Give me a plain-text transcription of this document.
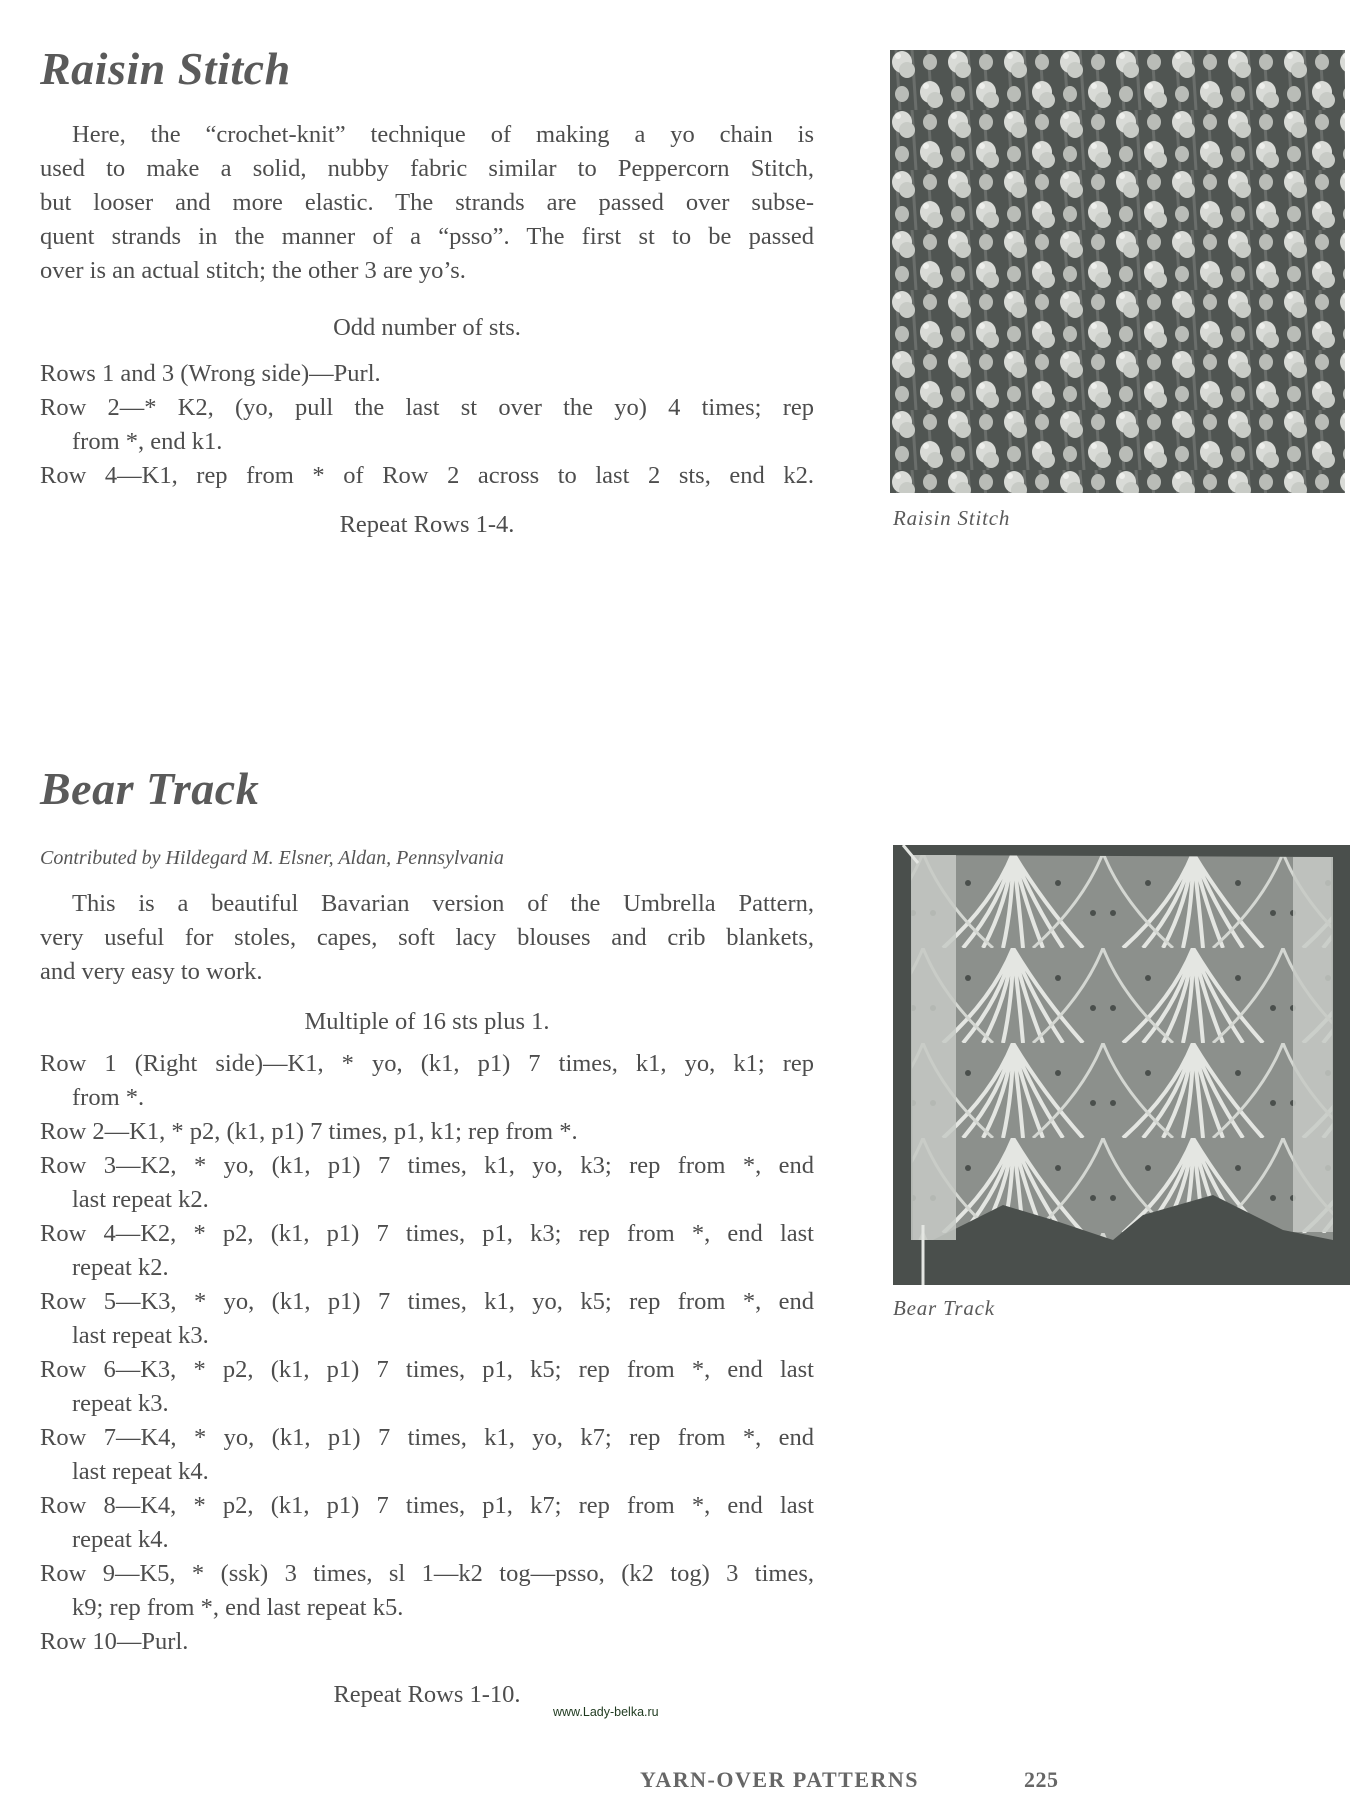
Raisin Stitch
Here, the “crochet-knit” technique of making a yo chain is
used to make a solid, nubby fabric similar to Peppercorn Stitch,
but looser and more elastic. The strands are passed over subse-
quent strands in the manner of a “psso”. The first st to be passed
over is an actual stitch; the other 3 are yo’s.
Odd number of sts.
Rows 1 and 3 (Wrong side)—Purl.
Row 2—* K2, (yo, pull the last st over the yo) 4 times; rep
from *, end k1.
Row 4—K1, rep from * of Row 2 across to last 2 sts, end k2.
Repeat Rows 1-4.	Raisin Stitch
Bear Track
Contributed by Hildegard M. Elsner, Aldan, Pennsylvania
This is a beautiful Bavarian version of the Umbrella Pattern,
very useful for stoles, capes, soft lacy blouses and crib blankets,
and very easy to work.
Multiple of 16 sts plus 1.
Row 1 (Right side)—K1, * yo, (k1, p1) 7 times, k1, yo, k1; rep
from *.
Row 2—K1, * p2, (k1, p1) 7 times, p1, k1; rep from *.
Row 3—K2, * yo, (k1, p1) 7 times, k1, yo, k3; rep from *, end
last repeat k2.
Row 4—K2, * p2, (k1, p1) 7 times, p1, k3; rep from *, end last
repeat k2.
Row 5—K3, * yo, (k1, p1) 7 times, k1, yo, k5; rep from *, end
last repeat k3.
Row 6—K3, * p2, (k1, p1) 7 times, p1, k5; rep from *, end last
repeat k3.
Row 7—K4, * yo, (k1, p1) 7 times, k1, yo, k7; rep from *, end
last repeat k4.
Row 8—K4, * p2, (k1, p1) 7 times, p1, k7; rep from *, end last
repeat k4.
Row 9—K5, * (ssk) 3 times, sl 1—k2 tog—psso, (k2 tog) 3 times,
k9; rep from *, end last repeat k5.
Row 10—Purl.
Repeat Rows 1-10.
Bear Track
www.Lady-belka.ru
YARN-OVER PATTERNS	225
